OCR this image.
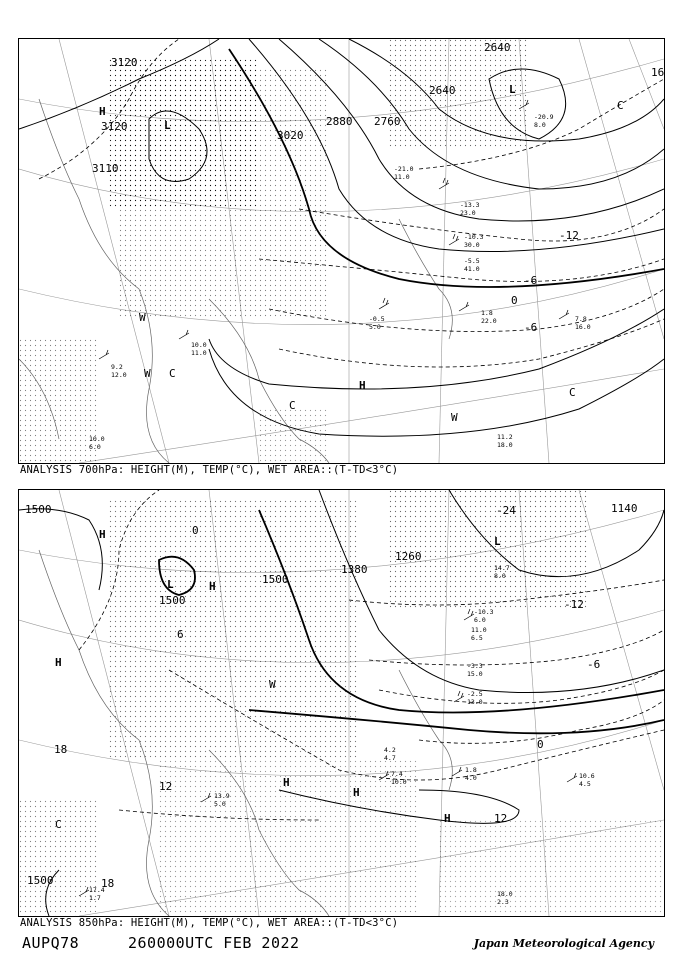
3120
3120
3110
3020
2880 2760
2640
2640
-12
-6
0
-6
16
H
L
L
H
W
W C
C
C
W
C
-10.3
30.0
-5.5
41.0
1.8
22.0
-0.5
5.0
7.8
16.0
11.2
18.0
10.0
11.0
9.2
12.0
-21.0
11.0
-13.3
23.0
-20.9
8.0
10.0
6.0
ANALYSIS 700hPa: HEIGHT(M), TEMP(°C), WET AREA::(T-TD<3°C)
1500
1500
1500
1380
1260
1140
1500
-12
-6
0
6
12
12
18
18
0
-24
H
L	H
H
H
H
H
L
W
C
-2.5
13.0
1.8
4.0	10.6
4.5
18.0
2.3
7.4
10.0
4.2
4.7
-10.3
6.0
14.7
8.0
11.0
6.5
-3.3
15.0
13.9
5.0
17.4
1.7
ANALYSIS 850hPa: HEIGHT(M), TEMP(°C), WET AREA::(T-TD<3°C)
AUPQ78	260000UTC FEB 2022	Japan Meteorological Agency
